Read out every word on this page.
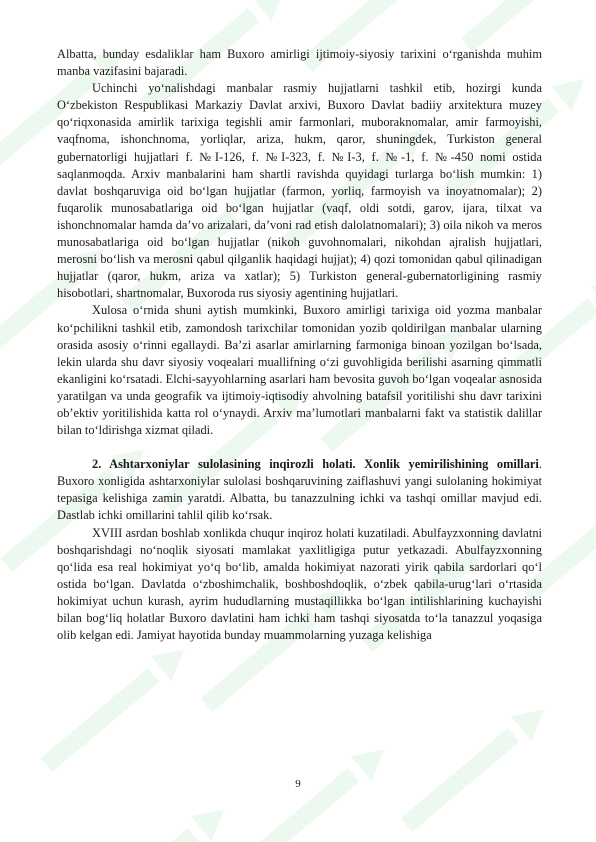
Albatta, bunday esdaliklar ham Buxoro amirligi ijtimoiy-siyosiy tarixini o‘rganishda muhim manba vazifasini bajaradi.

Uchinchi yo‘nalishdagi manbalar rasmiy hujjatlarni tashkil etib, hozirgi kunda O‘zbekiston Respublikasi Markaziy Davlat arxivi, Buxoro Davlat badiiy arxitektura muzey qo‘riqxonasida amirlik tarixiga tegishli amir farmonlari, muboraknomalar, amir farmoyishi, vaqfnoma, ishonchnoma, yorliqlar, ariza, hukm, qaror, shuningdek, Turkiston general gubernatorligi hujjatlari f. №I-126, f. №I-323, f. №I-3, f. №-1, f. №-450 nomi ostida saqlanmoqda. Arxiv manbalarini ham shartli ravishda quyidagi turlarga bo‘lish mumkin: 1) davlat boshqaruviga oid bo‘lgan hujjatlar (farmon, yorliq, farmoyish va inoyatnomalar); 2) fuqarolik munosabatlariga oid bo‘lgan hujjatlar (vaqf, oldi sotdi, garov, ijara, tilxat va ishonchnomalar hamda da’vo arizalari, da’voni rad etish dalolatnomalari); 3) oila nikoh va meros munosabatlariga oid bo‘lgan hujjatlar (nikoh guvohnomalari, nikohdan ajralish hujjatlari, merosni bo‘lish va merosni qabul qilganlik haqidagi hujjat); 4) qozi tomonidan qabul qilinadigan hujjatlar (qaror, hukm, ariza va xatlar); 5) Turkiston general-gubernatorligining rasmiy hisobotlari, shartnomalar, Buxoroda rus siyosiy agentining hujjatlari.

Xulosa o‘rnida shuni aytish mumkinki, Buxoro amirligi tarixiga oid yozma manbalar ko‘pchilikni tashkil etib, zamondosh tarixchilar tomonidan yozib qoldirilgan manbalar ularning orasida asosiy o‘rinni egallaydi. Ba’zi asarlar amirlarning farmoniga binoan yozilgan bo‘lsada, lekin ularda shu davr siyosiy voqealari muallifning o‘zi guvohligida berilishi asarning qimmatli ekanligini ko‘rsatadi. Elchi-sayyohlarning asarlari ham bevosita guvoh bo‘lgan voqealar asnosida yaratilgan va unda geografik va ijtimoiy-iqtisodiy ahvolning batafsil yoritilishi shu davr tarixini ob’ektiv yoritilishida katta rol o‘ynaydi. Arxiv ma’lumotlari manbalarni fakt va statistik dalillar bilan to‘ldirishga xizmat qiladi.

2. Ashtarxoniylar sulolasining inqirozli holati. Xonlik yemirilishining omillari. Buxoro xonligida ashtarxoniylar sulolasi boshqaruvining zaiflashuvi yangi sulolaning hokimiyat tepasiga kelishiga zamin yaratdi. Albatta, bu tanazzulning ichki va tashqi omillar mavjud edi. Dastlab ichki omillarini tahlil qilib ko‘rsak.

XVIII asrdan boshlab xonlikda chuqur inqiroz holati kuzatiladi. Abulfayzxonning davlatni boshqarishdagi no‘noqlik siyosati mamlakat yaxlitligiga putur yetkazadi. Abulfayzxonning qo‘lida esa real hokimiyat yo‘q bo‘lib, amalda hokimiyat nazorati yirik qabila sardorlari qo‘l ostida bo‘lgan. Davlatda o‘zboshimchalik, boshboshdoqlik, o‘zbek qabila-urug‘lari o‘rtasida hokimiyat uchun kurash, ayrim hududlarning mustaqillikka bo‘lgan intilishlarining kuchayishi bilan bog‘liq holatlar Buxoro davlatini ham ichki ham tashqi siyosatda to‘la tanazzul yoqasiga olib kelgan edi. Jamiyat hayotida bunday muammolarning yuzaga kelishiga

9
